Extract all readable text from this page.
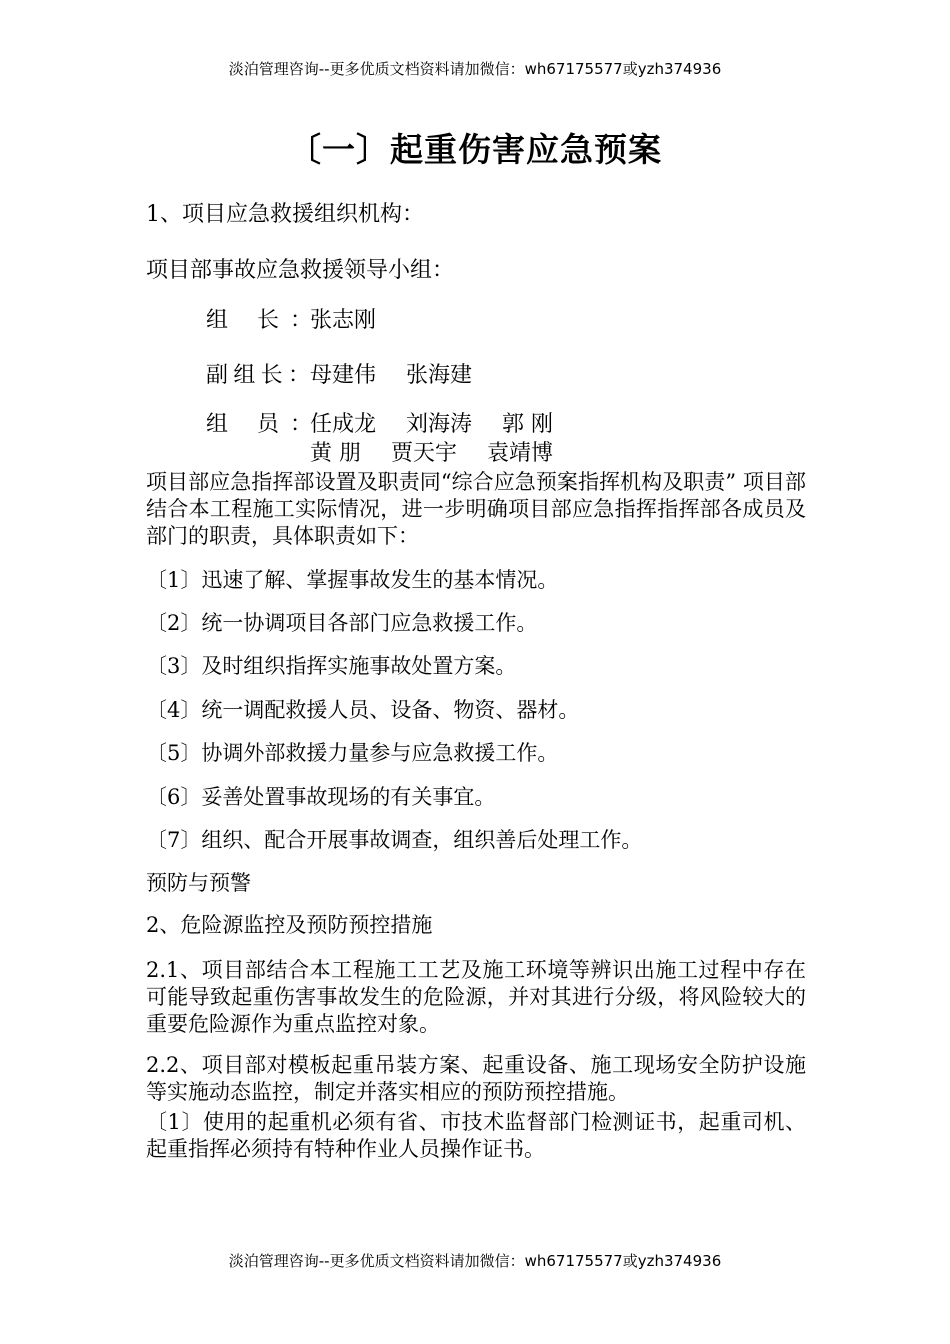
淡泊管理咨询--更多优质文档资料请加微信：wh67175577或yzh374936
〔一〕起重伤害应急预案
1、项目应急救援组织机构：
项目部事故应急救援领导小组：
组 长：张志刚
副组长：母建伟 张海建
组 员：任成龙 刘海涛 郭 刚
黄 朋 贾天宇 袁靖博
项目部应急指挥部设置及职责同“综合应急预案指挥机构及职责” 项目部结合本工程施工实际情况，进一步明确项目部应急指挥指挥部各成员及部门的职责，具体职责如下：
〔1〕迅速了解、掌握事故发生的基本情况。
〔2〕统一协调项目各部门应急救援工作。
〔3〕及时组织指挥实施事故处置方案。
〔4〕统一调配救援人员、设备、物资、器材。
〔5〕协调外部救援力量参与应急救援工作。
〔6〕妥善处置事故现场的有关事宜。
〔7〕组织、配合开展事故调查，组织善后处理工作。
预防与预警
2、危险源监控及预防预控措施
2.1、项目部结合本工程施工工艺及施工环境等辨识出施工过程中存在可能导致起重伤害事故发生的危险源，并对其进行分级，将风险较大的重要危险源作为重点监控对象。
2.2、项目部对模板起重吊装方案、起重设备、施工现场安全防护设施等实施动态监控，制定并落实相应的预防预控措施。
〔1〕使用的起重机必须有省、市技术监督部门检测证书，起重司机、起重指挥必须持有特种作业人员操作证书。
淡泊管理咨询--更多优质文档资料请加微信：wh67175577或yzh374936
